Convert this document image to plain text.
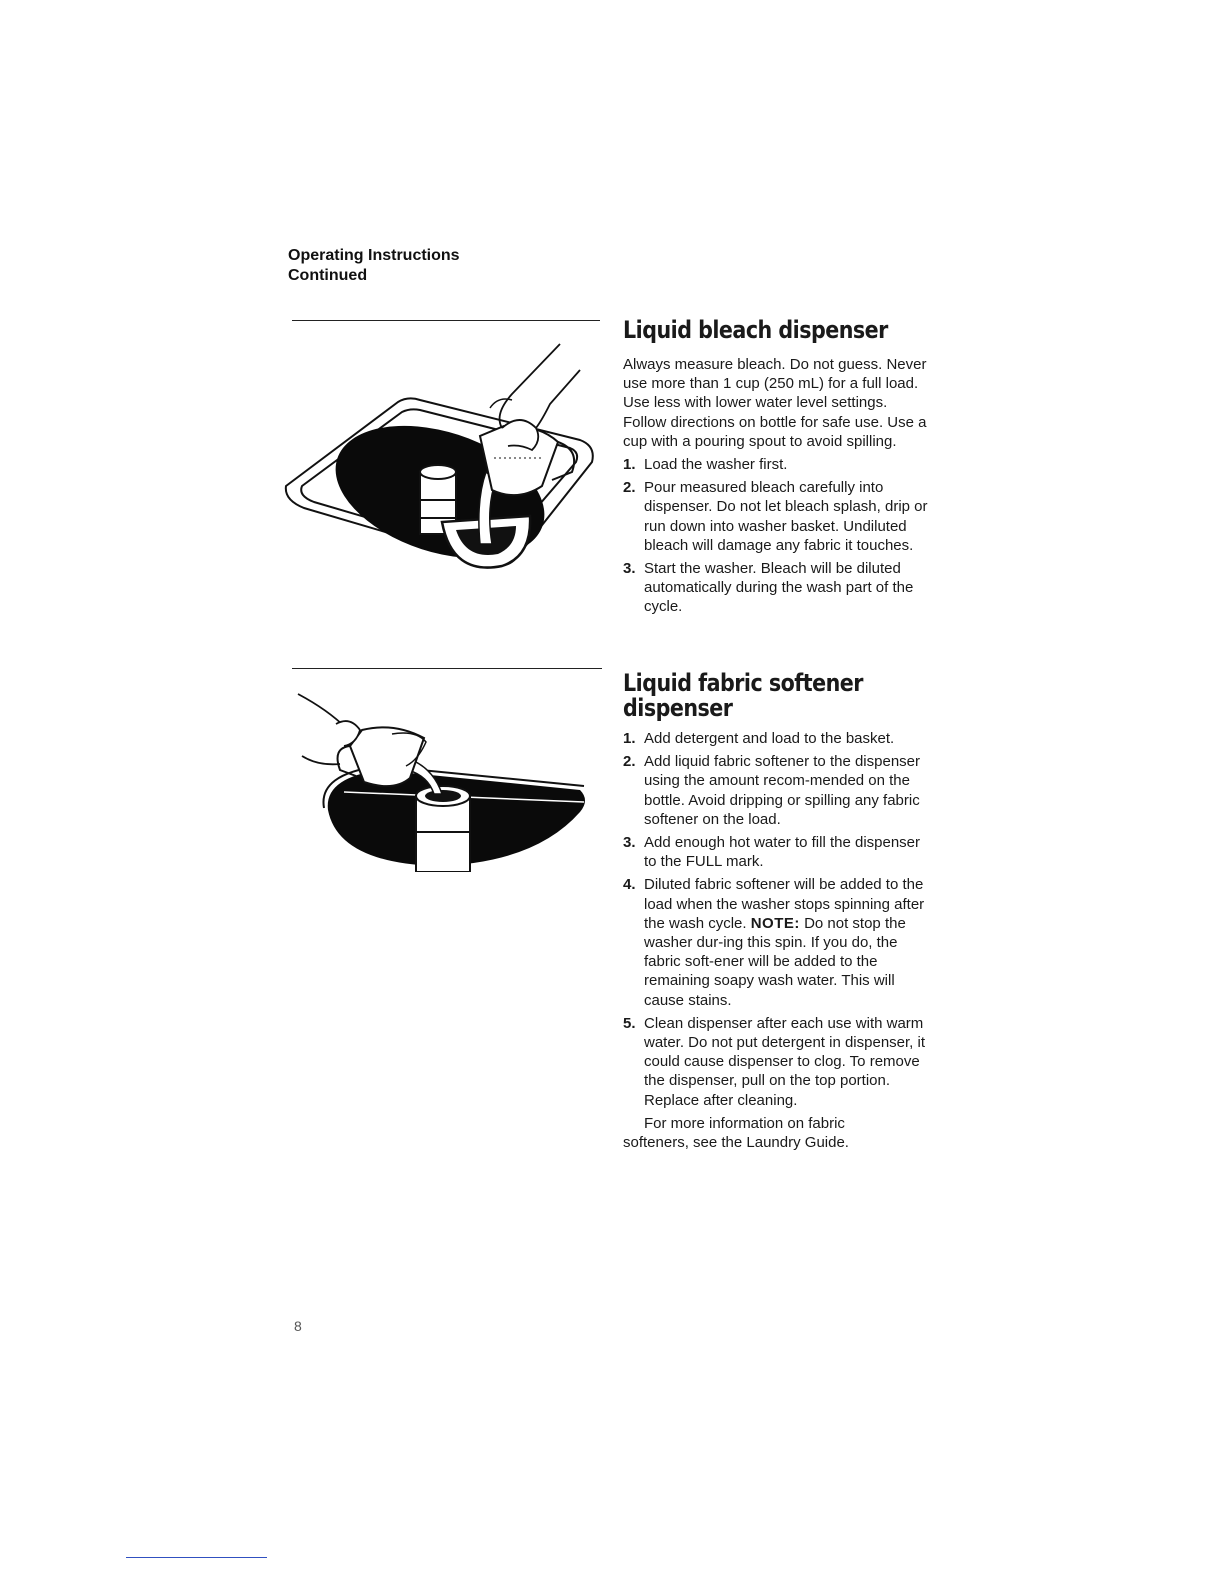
Operating Instructions
Continued
Liquid bleach dispenser

Always measure bleach. Do not guess. Never use more than 1 cup (250 mL) for a full load. Use less with lower water level settings. Follow directions on bottle for safe use. Use a cup with a pouring spout to avoid spilling.

1. Load the washer first.
2. Pour measured bleach carefully into dispenser. Do not let bleach splash, drip or run down into washer basket. Undiluted bleach will damage any fabric it touches.
3. Start the washer. Bleach will be diluted automatically during the wash part of the cycle.
Liquid fabric softener
dispenser
1. Add detergent and load to the basket.
2. Add liquid fabric softener to the dispenser using the amount recom-mended on the bottle. Avoid dripping or spilling any fabric softener on the load.
3. Add enough hot water to fill the dispenser to the FULL mark.
4. Diluted fabric softener will be added to the load when the washer stops spinning after the wash cycle. NOTE: Do not stop the washer dur-ing this spin. If you do, the fabric soft-ener will be added to the remaining soapy wash water. This will cause stains.
5. Clean dispenser after each use with warm water. Do not put detergent in dispenser, it could cause dispenser to clog. To remove the dispenser, pull on the top portion. Replace after cleaning.

For more information on fabric
softeners, see the Laundry Guide.

8
